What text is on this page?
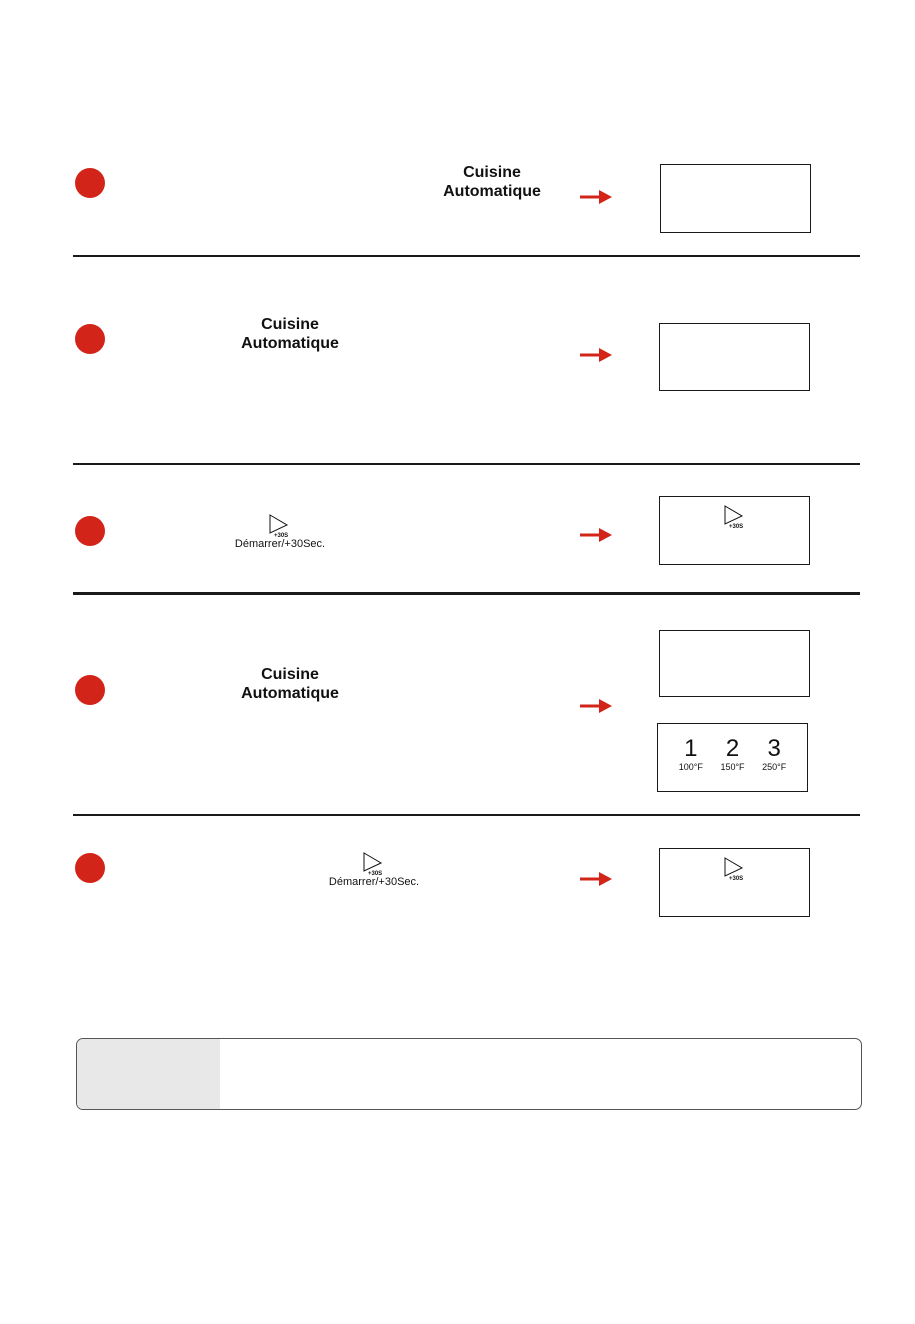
Cuisine
Automatique
Cuisine
Automatique
+30S
Démarrer/+30Sec.
+30S
Cuisine
Automatique
1
100°F
2
150°F
3
250°F
+30S
Démarrer/+30Sec.	+30S
